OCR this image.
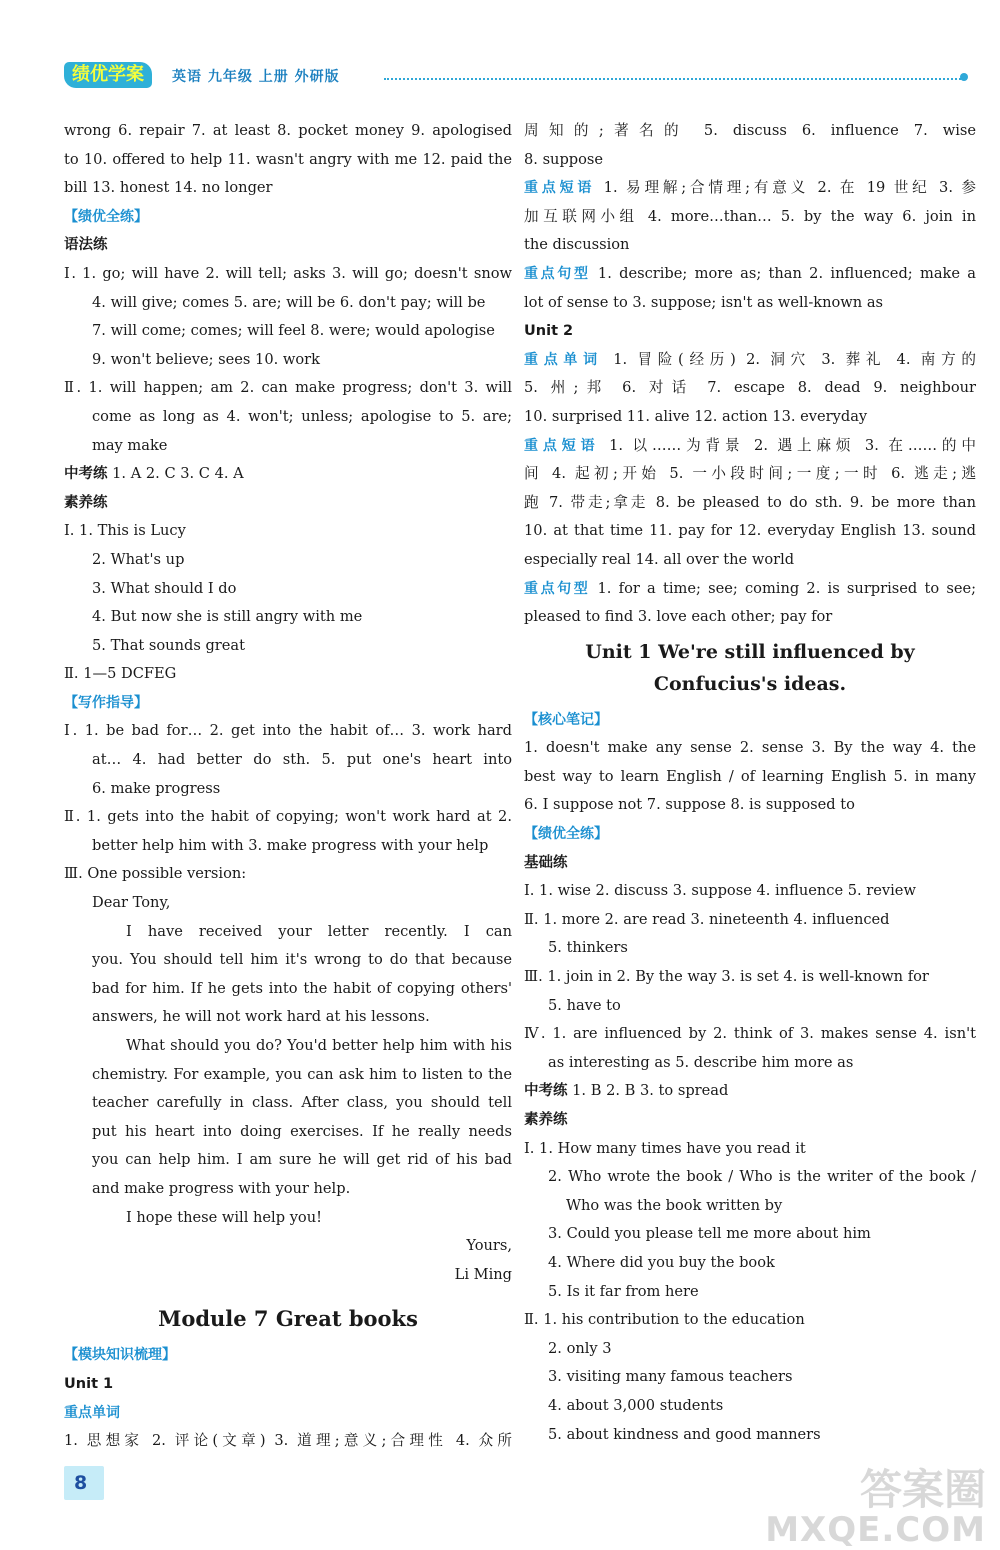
绩优学案	英语 九年级 上册 外研版
wrong 6. repair 7. at least 8. pocket money 9. apologised
to 10. offered to help 11. wasn't angry with me 12. paid the
bill 13. honest 14. no longer
【绩优全练】
语法练
Ⅰ. 1. go; will have 2. will tell; asks 3. will go; doesn't snow
4. will give; comes 5. are; will be 6. don't pay; will be
7. will come; comes; will feel 8. were; would apologise
9. won't believe; sees 10. work
Ⅱ. 1. will happen; am 2. can make progress; don't 3. will
come as long as 4. won't; unless; apologise to 5. are;
may make
中考练 1. A 2. C 3. C 4. A
素养练
Ⅰ. 1. This is Lucy
2. What's up
3. What should I do
4. But now she is still angry with me
5. That sounds great
Ⅱ. 1—5 DCFEG
【写作指导】
Ⅰ. 1. be bad for… 2. get into the habit of… 3. work hard
at… 4. had better do sth. 5. put one's heart into
6. make progress
Ⅱ. 1. gets into the habit of copying; won't work hard at 2.
better help him with 3. make progress with your help
Ⅲ. One possible version:
Dear Tony,
I have received your letter recently. I can
you. You should tell him it's wrong to do that because
bad for him. If he gets into the habit of copying others'
answers, he will not work hard at his lessons.
What should you do? You'd better help him with his
chemistry. For example, you can ask him to listen to the
teacher carefully in class. After class, you should tell
put his heart into doing exercises. If he really needs
you can help him. I am sure he will get rid of his bad
and make progress with your help.
I hope these will help you!
Yours,
Li Ming
Module 7 Great books
【模块知识梳理】
Unit 1
重点单词
1. 思想家 2. 评论(文章) 3. 道理;意义;合理性 4. 众所
周知的;著名的 5. discuss 6. influence 7. wise
8. suppose
重点短语 1. 易理解;合情理;有意义 2. 在 19 世纪 3. 参
加互联网小组 4. more…than… 5. by the way 6. join in
the discussion
重点句型 1. describe; more as; than 2. influenced; make a
lot of sense to 3. suppose; isn't as well-known as
Unit 2
重点单词 1. 冒险(经历) 2. 洞穴 3. 葬礼 4. 南方的
5. 州;邦 6. 对话 7. escape 8. dead 9. neighbour
10. surprised 11. alive 12. action 13. everyday
重点短语 1. 以……为背景 2. 遇上麻烦 3. 在……的中
间 4. 起初;开始 5. 一小段时间;一度;一时 6. 逃走;逃
跑 7. 带走;拿走 8. be pleased to do sth. 9. be more than
10. at that time 11. pay for 12. everyday English 13. sound
especially real 14. all over the world
重点句型 1. for a time; see; coming 2. is surprised to see;
pleased to find 3. love each other; pay for
Unit 1 We're still influenced by
Confucius's ideas.
【核心笔记】
1. doesn't make any sense 2. sense 3. By the way 4. the
best way to learn English / of learning English 5. in many
6. I suppose not 7. suppose 8. is supposed to
【绩优全练】
基础练
Ⅰ. 1. wise 2. discuss 3. suppose 4. influence 5. review
Ⅱ. 1. more 2. are read 3. nineteenth 4. influenced
5. thinkers
Ⅲ. 1. join in 2. By the way 3. is set 4. is well-known for
5. have to
Ⅳ. 1. are influenced by 2. think of 3. makes sense 4. isn't
as interesting as 5. describe him more as
中考练 1. B 2. B 3. to spread
素养练
Ⅰ. 1. How many times have you read it
2. Who wrote the book / Who is the writer of the book /
Who was the book written by
3. Could you please tell me more about him
4. Where did you buy the book
5. Is it far from here
Ⅱ. 1. his contribution to the education
2. only 3
3. visiting many famous teachers
4. about 3,000 students
5. about kindness and good manners
8	答案圈
MXQE.COM
